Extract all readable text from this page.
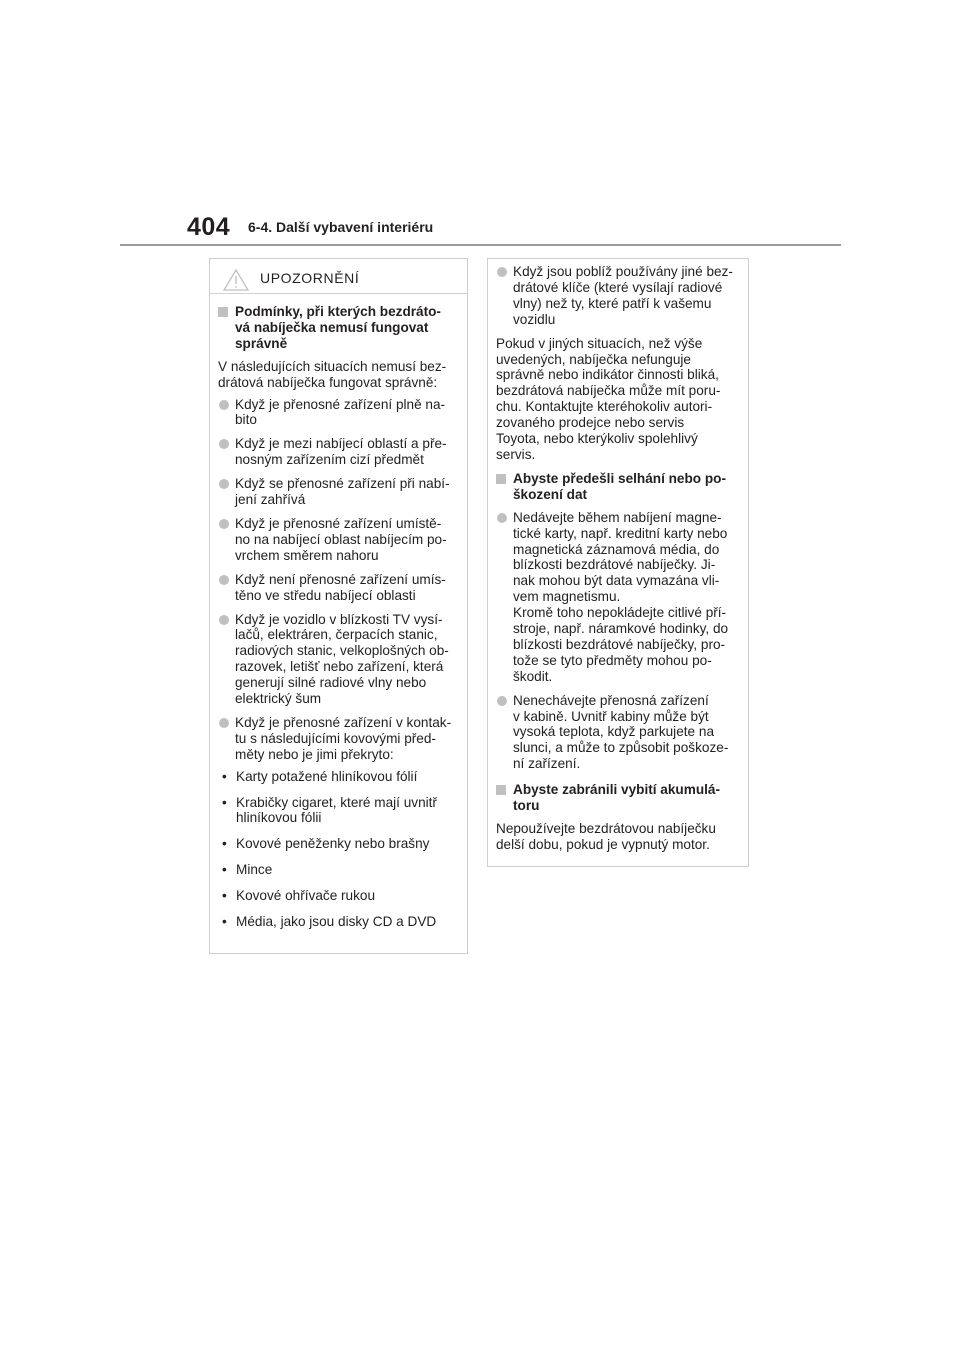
404 6-4. Další vybavení interiéru
UPOZORNĚNÍ
Podmínky, při kterých bezdráto-
vá nabíječka nemusí fungovat
správně
V následujících situacích nemusí bez-
drátová nabíječka fungovat správně:
Když je přenosné zařízení plně na-
bito
Když je mezi nabíjecí oblastí a pře-
nosným zařízením cizí předmět
Když se přenosné zařízení při nabí-
jení zahřívá
Když je přenosné zařízení umístě-
no na nabíjecí oblast nabíjecím po-
vrchem směrem nahoru
Když není přenosné zařízení umís-
těno ve středu nabíjecí oblasti
Když je vozidlo v blízkosti TV vysí-
lačů, elektráren, čerpacích stanic,
radiových stanic, velkoplošných ob-
razovek, letišť nebo zařízení, která
generují silné radiové vlny nebo
elektrický šum
Když je přenosné zařízení v kontak-
tu s následujícími kovovými před-
měty nebo je jimi překryto:
• Karty potažené hliníkovou fólií
• Krabičky cigaret, které mají uvnitř
hliníkovou fólii
• Kovové peněženky nebo brašny
• Mince
• Kovové ohřívače rukou
• Média, jako jsou disky CD a DVD
Když jsou poblíž používány jiné bez-
drátové klíče (které vysílají radiové
vlny) než ty, které patří k vašemu
vozidlu
Pokud v jiných situacích, než výše
uvedených, nabíječka nefunguje
správně nebo indikátor činnosti bliká,
bezdrátová nabíječka může mít poru-
chu. Kontaktujte kteréhokoliv autori-
zovaného prodejce nebo servis
Toyota, nebo kterýkoliv spolehlivý
servis.
Abyste předešli selhání nebo po-
škození dat
Nedávejte během nabíjení magne-
tické karty, např. kreditní karty nebo
magnetická záznamová média, do
blízkosti bezdrátové nabíječky. Ji-
nak mohou být data vymazána vli-
vem magnetismu.
Kromě toho nepokládejte citlivé pří-
stroje, např. náramkové hodinky, do
blízkosti bezdrátové nabíječky, pro-
tože se tyto předměty mohou po-
škodit.
Nenechávejte přenosná zařízení
v kabině. Uvnitř kabiny může být
vysoká teplota, když parkujete na
slunci, a může to způsobit poškoze-
ní zařízení.
Abyste zabránili vybití akumulá-
toru
Nepoužívejte bezdrátovou nabíječku
delší dobu, pokud je vypnutý motor.
